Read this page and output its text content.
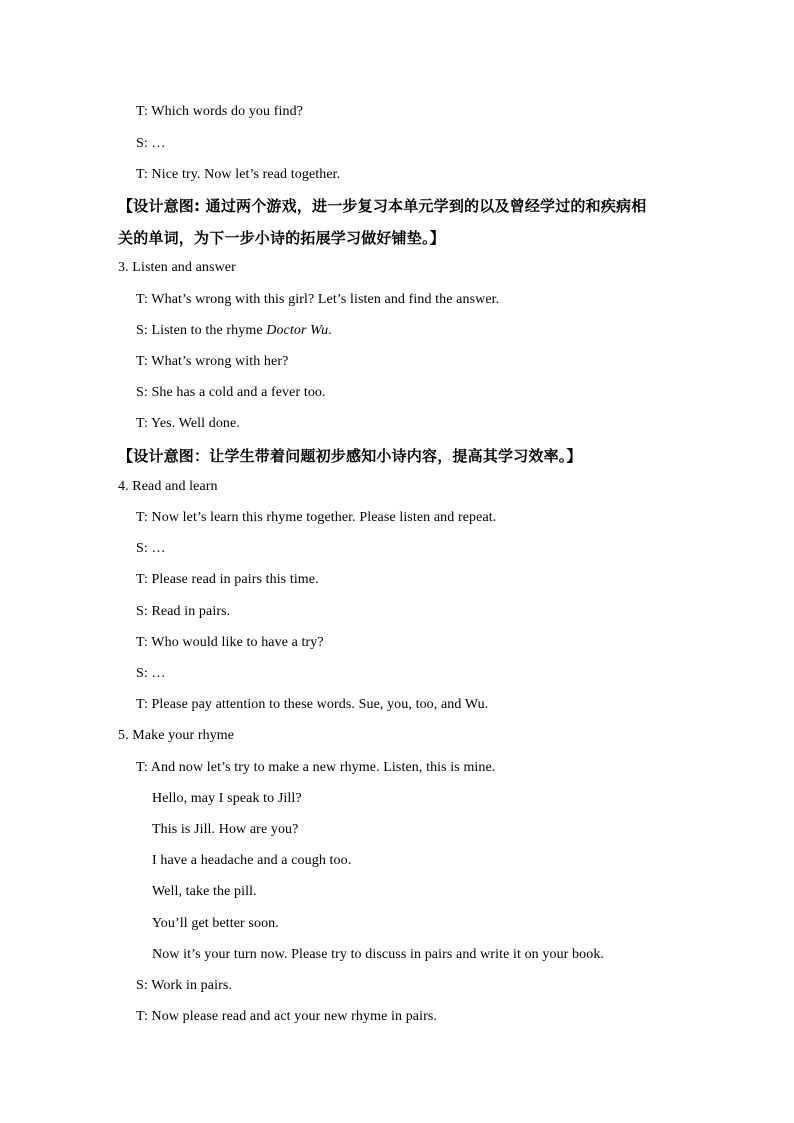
T: Which words do you find?
S: …
T: Nice try. Now let’s read together.
【设计意图: 通过两个游戏，进一步复习本单元学到的以及曾经学过的和疾病相
关的单词，为下一步小诗的拓展学习做好铺垫。】
3. Listen and answer
T: What’s wrong with this girl? Let’s listen and find the answer.
S: Listen to the rhyme Doctor Wu.
T: What’s wrong with her?
S: She has a cold and a fever too.
T: Yes. Well done.
【设计意图：让学生带着问题初步感知小诗内容，提高其学习效率。】
4. Read and learn
T: Now let’s learn this rhyme together. Please listen and repeat.
S: …
T: Please read in pairs this time.
S: Read in pairs.
T: Who would like to have a try?
S: …
T: Please pay attention to these words. Sue, you, too, and Wu.
5. Make your rhyme
T: And now let’s try to make a new rhyme. Listen, this is mine.
Hello, may I speak to Jill?
This is Jill. How are you?
I have a headache and a cough too.
Well, take the pill.
You’ll get better soon.
Now it’s your turn now. Please try to discuss in pairs and write it on your book.
S: Work in pairs.
T: Now please read and act your new rhyme in pairs.
